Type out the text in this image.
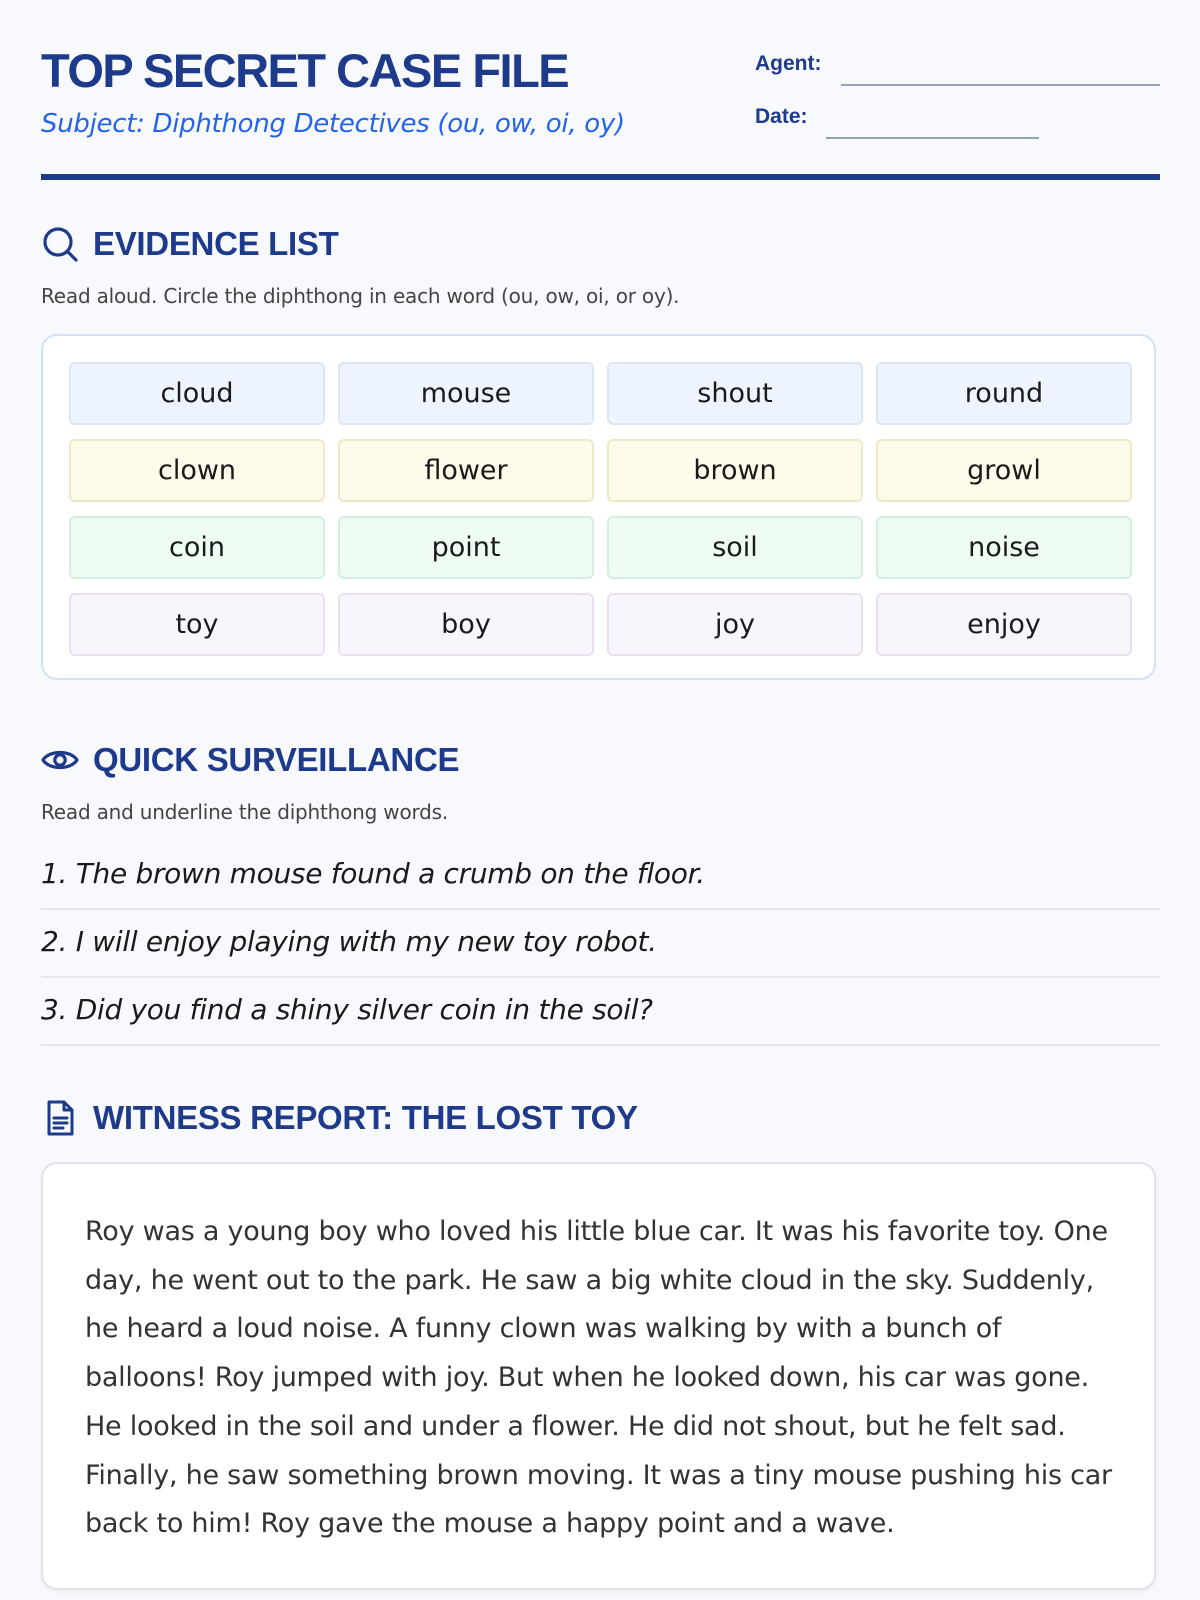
TOP SECRET CASE FILE
Subject: Diphthong Detectives (ou, ow, oi, oy)
Agent:
Date:
EVIDENCE LIST
Read aloud. Circle the diphthong in each word (ou, ow, oi, or oy).
cloud	mouse	shout	round
clown	flower	brown	growl
coin	point	soil	noise
toy	boy	joy	enjoy
QUICK SURVEILLANCE
Read and underline the diphthong words.
1. The brown mouse found a crumb on the floor.
2. I will enjoy playing with my new toy robot.
3. Did you find a shiny silver coin in the soil?
WITNESS REPORT: THE LOST TOY

Roy was a young boy who loved his little blue car. It was his favorite toy. One day, he went out to the park. He saw a big white cloud in the sky. Suddenly, he heard a loud noise. A funny clown was walking by with a bunch of balloons! Roy jumped with joy. But when he looked down, his car was gone. He looked in the soil and under a flower. He did not shout, but he felt sad. Finally, he saw something brown moving. It was a tiny mouse pushing his car back to him! Roy gave the mouse a happy point and a wave.
